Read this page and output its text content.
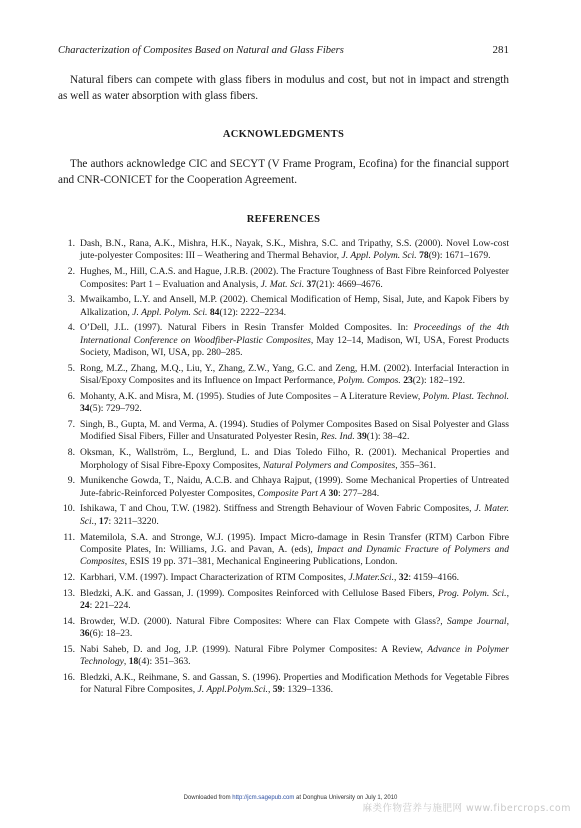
Characterization of Composites Based on Natural and Glass Fibers	281

Natural fibers can compete with glass fibers in modulus and cost, but not in impact and strength as well as water absorption with glass fibers.

ACKNOWLEDGMENTS

The authors acknowledge CIC and SECYT (V Frame Program, Ecofina) for the financial support and CNR-CONICET for the Cooperation Agreement.

REFERENCES
1. Dash, B.N., Rana, A.K., Mishra, H.K., Nayak, S.K., Mishra, S.C. and Tripathy, S.S. (2000). Novel Low-cost jute-polyester Composites: III – Weathering and Thermal Behavior, J. Appl. Polym. Sci. 78(9): 1671–1679.
2. Hughes, M., Hill, C.A.S. and Hague, J.R.B. (2002). The Fracture Toughness of Bast Fibre Reinforced Polyester Composites: Part 1 – Evaluation and Analysis, J. Mat. Sci. 37(21): 4669–4676.
3. Mwaikambo, L.Y. and Ansell, M.P. (2002). Chemical Modification of Hemp, Sisal, Jute, and Kapok Fibers by Alkalization, J. Appl. Polym. Sci. 84(12): 2222–2234.
4. O’Dell, J.L. (1997). Natural Fibers in Resin Transfer Molded Composites. In: Proceedings of the 4th International Conference on Woodfiber-Plastic Composites, May 12–14, Madison, WI, USA, Forest Products Society, Madison, WI, USA, pp. 280–285.
5. Rong, M.Z., Zhang, M.Q., Liu, Y., Zhang, Z.W., Yang, G.C. and Zeng, H.M. (2002). Interfacial Interaction in Sisal/Epoxy Composites and its Influence on Impact Performance, Polym. Compos. 23(2): 182–192.
6. Mohanty, A.K. and Misra, M. (1995). Studies of Jute Composites – A Literature Review, Polym. Plast. Technol. 34(5): 729–792.
7. Singh, B., Gupta, M. and Verma, A. (1994). Studies of Polymer Composites Based on Sisal Polyester and Glass Modified Sisal Fibers, Filler and Unsaturated Polyester Resin, Res. Ind. 39(1): 38–42.
8. Oksman, K., Wallström, L., Berglund, L. and Dias Toledo Filho, R. (2001). Mechanical Properties and Morphology of Sisal Fibre-Epoxy Composites, Natural Polymers and Composites, 355–361.
9. Munikenche Gowda, T., Naidu, A.C.B. and Chhaya Rajput, (1999). Some Mechanical Properties of Untreated Jute-fabric-Reinforced Polyester Composites, Composite Part A 30: 277–284.
10. Ishikawa, T and Chou, T.W. (1982). Stiffness and Strength Behaviour of Woven Fabric Composites, J. Mater. Sci., 17: 3211–3220.
11. Matemilola, S.A. and Stronge, W.J. (1995). Impact Micro-damage in Resin Transfer (RTM) Carbon Fibre Composite Plates, In: Williams, J.G. and Pavan, A. (eds), Impact and Dynamic Fracture of Polymers and Composites, ESIS 19 pp. 371–381, Mechanical Engineering Publications, London.
12. Karbhari, V.M. (1997). Impact Characterization of RTM Composites, J.Mater.Sci., 32: 4159–4166.
13. Bledzki, A.K. and Gassan, J. (1999). Composites Reinforced with Cellulose Based Fibers, Prog. Polym. Sci., 24: 221–224.
14. Browder, W.D. (2000). Natural Fibre Composites: Where can Flax Compete with Glass?, Sampe Journal, 36(6): 18–23.
15. Nabi Saheb, D. and Jog, J.P. (1999). Natural Fibre Polymer Composites: A Review, Advance in Polymer Technology, 18(4): 351–363.
16. Bledzki, A.K., Reihmane, S. and Gassan, S. (1996). Properties and Modification Methods for Vegetable Fibres for Natural Fibre Composites, J. Appl.Polym.Sci., 59: 1329–1336.
Downloaded from http://jcm.sagepub.com at Donghua University on July 1, 2010
麻类作物营养与施肥网 www.fibercrops.com
